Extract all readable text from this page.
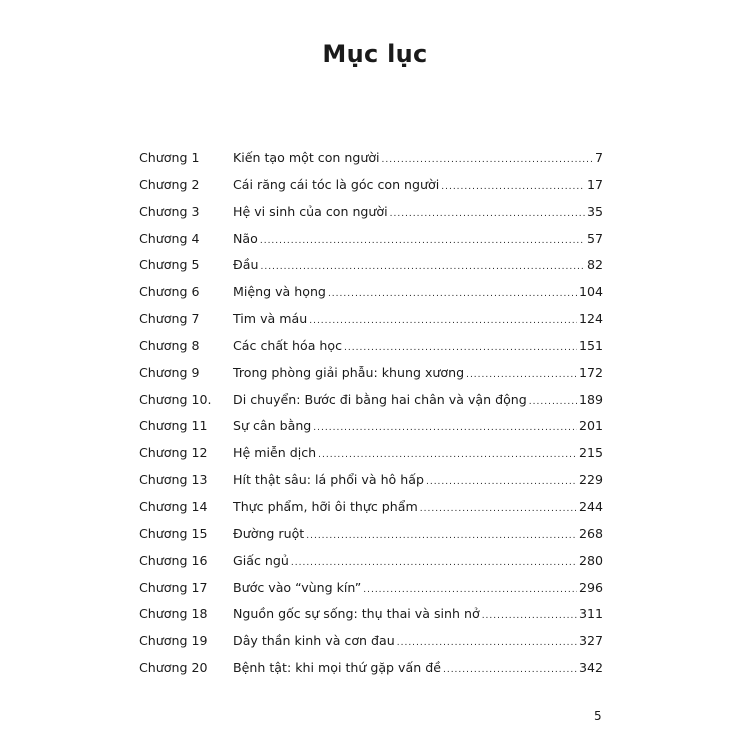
Mục lục
Chương 1	Kiến tạo một con người .....	7
Chương 2	Cái răng cái tóc là góc con người .....	17
Chương 3	Hệ vi sinh của con người .....	35
Chương 4	Não .....	57
Chương 5	Đầu .....	82
Chương 6	Miệng và họng .....	104
Chương 7	Tim và máu .....	124
Chương 8	Các chất hóa học .....	151
Chương 9	Trong phòng giải phẫu: khung xương .....	172
Chương 10.	Di chuyển: Bước đi bằng hai chân và vận động .....	189
Chương 11	Sự cân bằng .....	201
Chương 12	Hệ miễn dịch .....	215
Chương 13	Hít thật sâu: lá phổi và hô hấp .....	229
Chương 14	Thực phẩm, hỡi ôi thực phẩm .....	244
Chương 15	Đường ruột .....	268
Chương 16	Giấc ngủ .....	280
Chương 17	Bước vào “vùng kín” .....	296
Chương 18	Nguồn gốc sự sống: thụ thai và sinh nở .....	311
Chương 19	Dây thần kinh và cơn đau .....	327
Chương 20	Bệnh tật: khi mọi thứ gặp vấn đề .....	342
5
